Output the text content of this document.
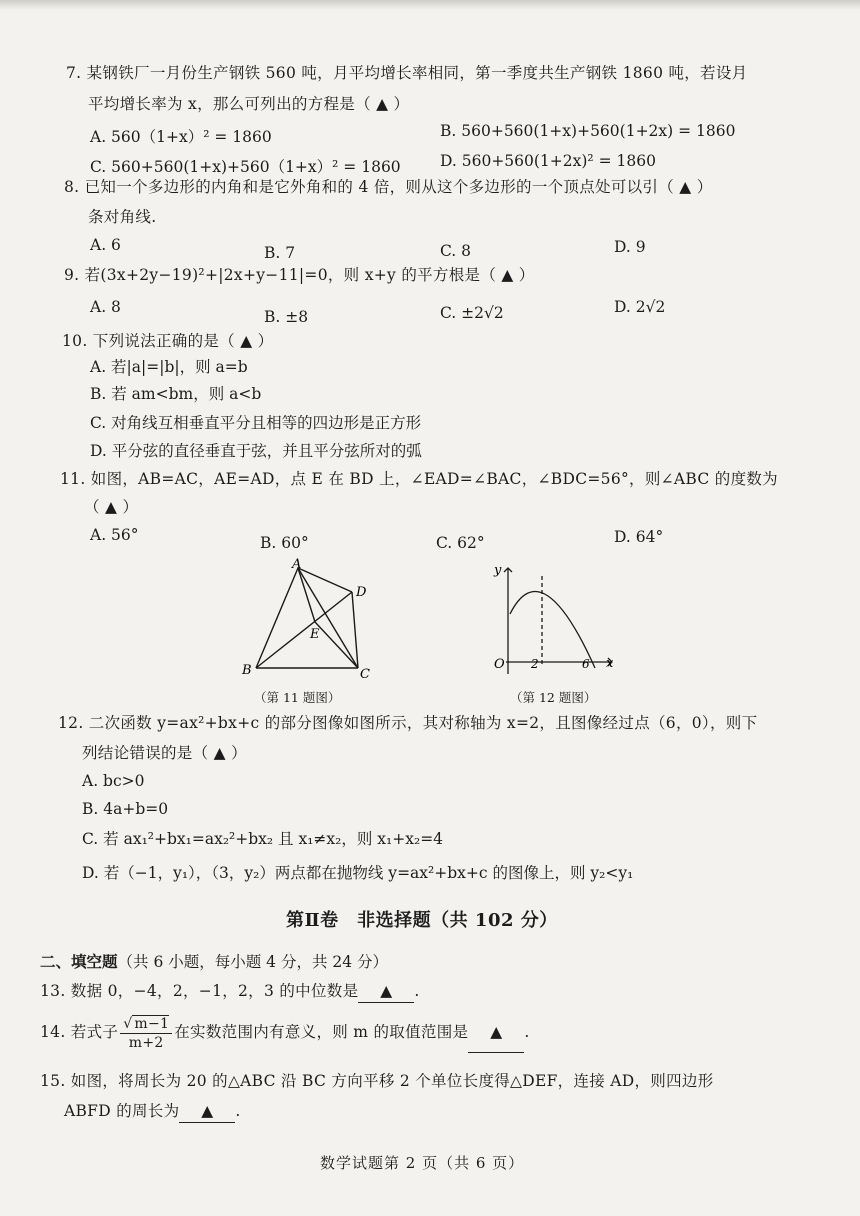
7. 某钢铁厂一月份生产钢铁 560 吨，月平均增长率相同，第一季度共生产钢铁 1860 吨，若设月
平均增长率为 x，那么可列出的方程是（ ▲ ）
A. 560（1+x）² = 1860	B. 560+560(1+x)+560(1+2x) = 1860
C. 560+560(1+x)+560（1+x）² = 1860	D. 560+560(1+2x)² = 1860
8. 已知一个多边形的内角和是它外角和的 4 倍，则从这个多边形的一个顶点处可以引（ ▲ ）
条对角线.
A. 6	B. 7	C. 8	D. 9
9. 若(3x+2y−19)²+|2x+y−11|=0，则 x+y 的平方根是（ ▲ ）
A. 8
B. ±8	C. ±2√2	D. 2√2
10. 下列说法正确的是（ ▲ ）
A. 若|a|=|b|，则 a=b
B. 若 am<bm，则 a<b
C. 对角线互相垂直平分且相等的四边形是正方形
D. 平分弦的直径垂直于弦，并且平分弦所对的弧
11. 如图，AB=AC，AE=AD，点 E 在 BD 上，∠EAD=∠BAC，∠BDC=56°，则∠ABC 的度数为
（ ▲ ）
A. 56°	B. 60°	C. 62°	D. 64°
A
D
E
B	C
（第 11 题图）
y
x
O 2	6
（第 12 题图）
12. 二次函数 y=ax²+bx+c 的部分图像如图所示，其对称轴为 x=2，且图像经过点（6，0），则下
列结论错误的是（ ▲ ）
A. bc>0
B. 4a+b=0
C. 若 ax₁²+bx₁=ax₂²+bx₂ 且 x₁≠x₂，则 x₁+x₂=4
D. 若（−1，y₁），（3，y₂）两点都在抛物线 y=ax²+bx+c 的图像上，则 y₂<y₁
第Ⅱ卷　非选择题（共 102 分）
二、填空题（共 6 小题，每小题 4 分，共 24 分）
13. 数据 0，−4，2，−1，2，3 的中位数是 ▲ .
14. 若式子 $\frac{√ m-1}{m+2}$ 在实数范围内有意义，则 m 的取值范围是 ▲ .
15. 如图，将周长为 20 的△ABC 沿 BC 方向平移 2 个单位长度得△DEF，连接 AD，则四边形
ABFD 的周长为 ▲ .
数学试题第 2 页（共 6 页）
